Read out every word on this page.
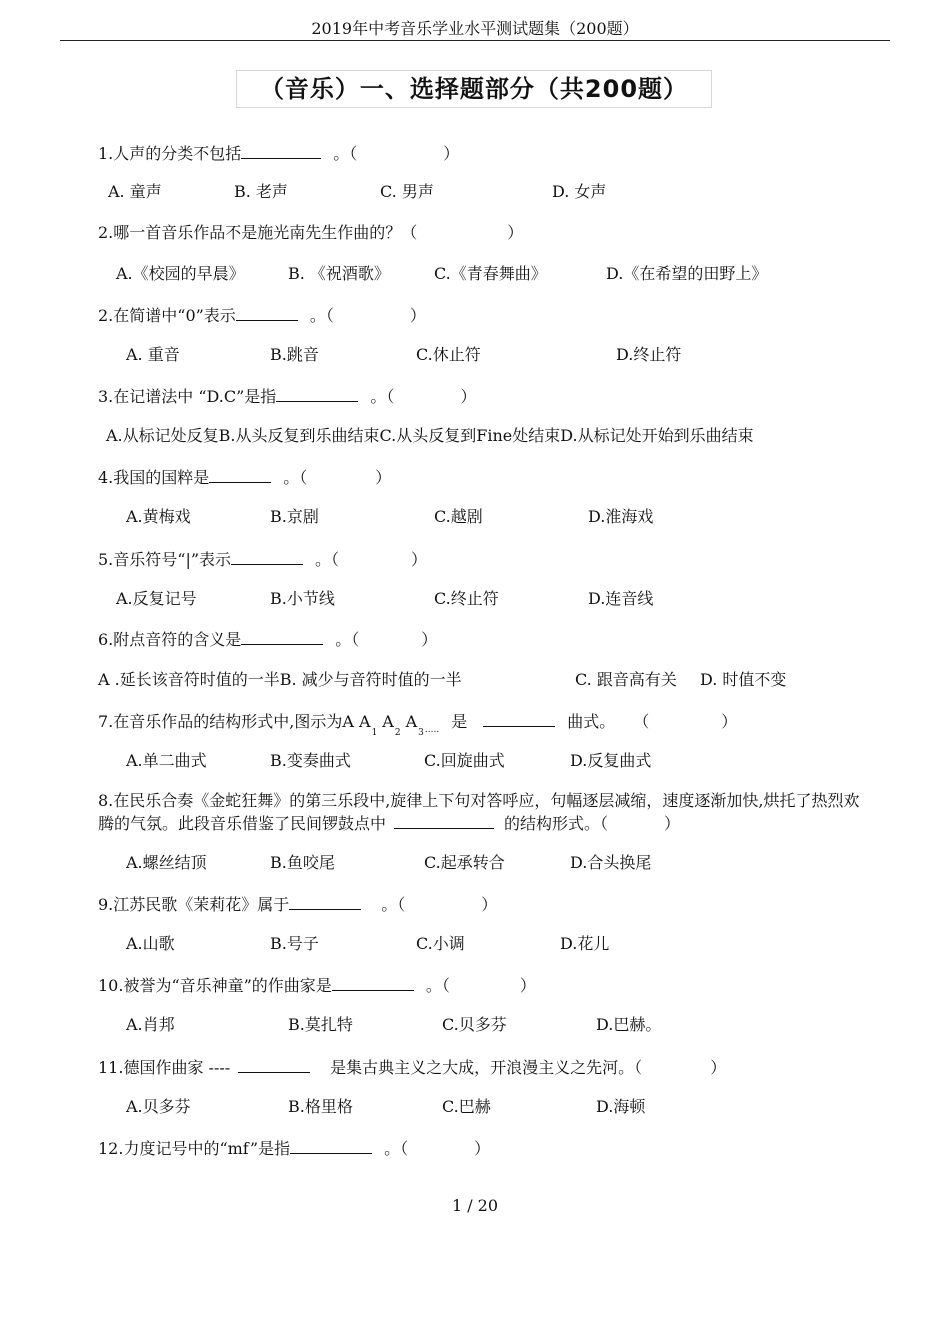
2019年中考音乐学业水平测试题集（200题）
（音乐）一、选择题部分（共200题）
1.人声的分类不包括	。（	）
A. 童声	B. 老声	C. 男声	D. 女声
2.哪一首音乐作品不是施光南先生作曲的？（	）
A.《校园的早晨》	B. 《祝酒歌》	C.《青春舞曲》	D.《在希望的田野上》
2.在简谱中“0”表示	。（	）
A. 重音	B.跳音	C.休止符	D.终止符
3.在记谱法中 “D.C”是指	。（	）
A.从标记处反复B.从头反复到乐曲结束C.从头反复到Fine处结束D.从标记处开始到乐曲结束
4.我国的国粹是	。（	）
A.黄梅戏	B.京剧	C.越剧	D.淮海戏
5.音乐符号“|”表示	。（	）
A.反复记号	B.小节线	C.终止符	D.连音线
6.附点音符的含义是	。（	）
A .延长该音符时值的一半B. 减少与音符时值的一半	C. 跟音高有关 D. 时值不变
7.在音乐作品的结构形式中,图示为A $A_1A_2A_{3.....}$ 是	曲式。 （	）
A.单二曲式	B.变奏曲式	C.回旋曲式	D.反复曲式
8.在民乐合奏《金蛇狂舞》的第三乐段中,旋律上下句对答呼应，句幅逐层减缩，速度逐渐加快,烘托了热烈欢腾的气氛。此段音乐借鉴了民间锣鼓点中	的结构形式。（	）
A.螺丝结顶	B.鱼咬尾	C.起承转合	D.合头换尾
9.江苏民歌《茉莉花》属于	。（	）
A.山歌	B.号子	C.小调	D.花儿
10.被誉为“音乐神童”的作曲家是	。（	）
A.肖邦	B.莫扎特	C.贝多芬	D.巴赫。
11.德国作曲家 ----	是集古典主义之大成，开浪漫主义之先河。（	）
A.贝多芬	B.格里格	C.巴赫	D.海顿
12.力度记号中的“mf”是指	。（	）
1 / 20
